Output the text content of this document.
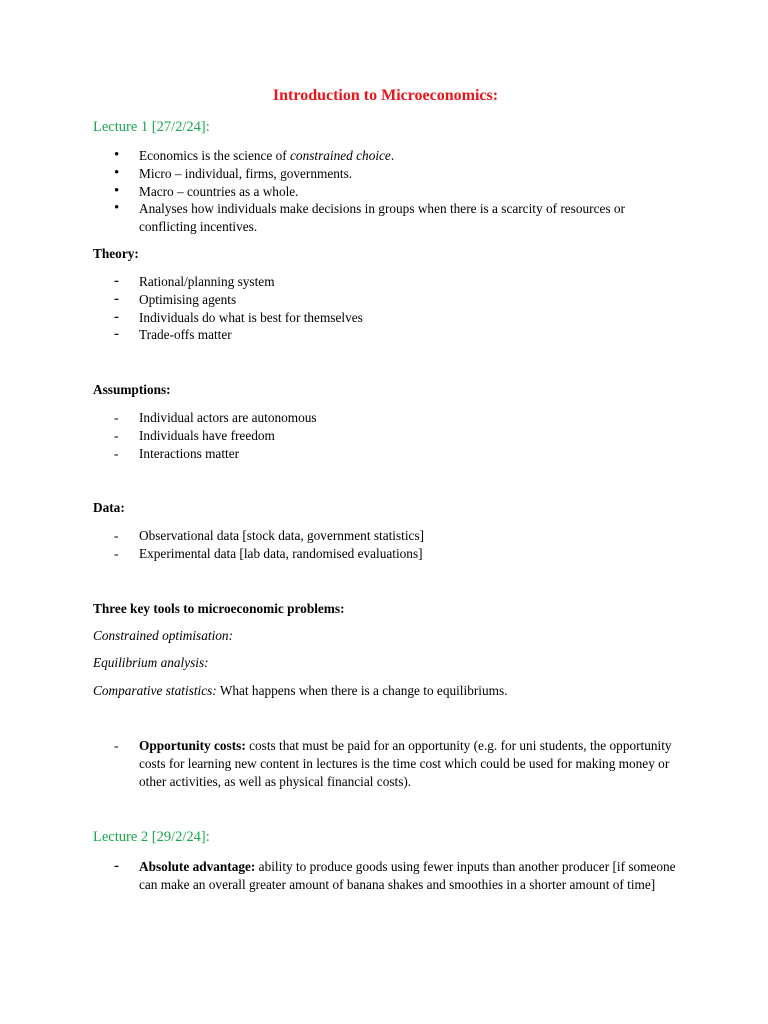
Introduction to Microeconomics:
Lecture 1 [27/2/24]:
• Economics is the science of constrained choice.
• Micro – individual, firms, governments.
• Macro – countries as a whole.
• Analyses how individuals make decisions in groups when there is a scarcity of resources or conflicting incentives.
Theory:
- Rational/planning system
- Optimising agents
- Individuals do what is best for themselves
- Trade-offs matter
Assumptions:
- Individual actors are autonomous
- Individuals have freedom
- Interactions matter
Data:
- Observational data [stock data, government statistics]
- Experimental data [lab data, randomised evaluations]
Three key tools to microeconomic problems:
Constrained optimisation:
Equilibrium analysis:
Comparative statistics: What happens when there is a change to equilibriums.
- Opportunity costs: costs that must be paid for an opportunity (e.g. for uni students, the opportunity costs for learning new content in lectures is the time cost which could be used for making money or other activities, as well as physical financial costs).
Lecture 2 [29/2/24]:
- Absolute advantage: ability to produce goods using fewer inputs than another producer [if someone can make an overall greater amount of banana shakes and smoothies in a shorter amount of time]
